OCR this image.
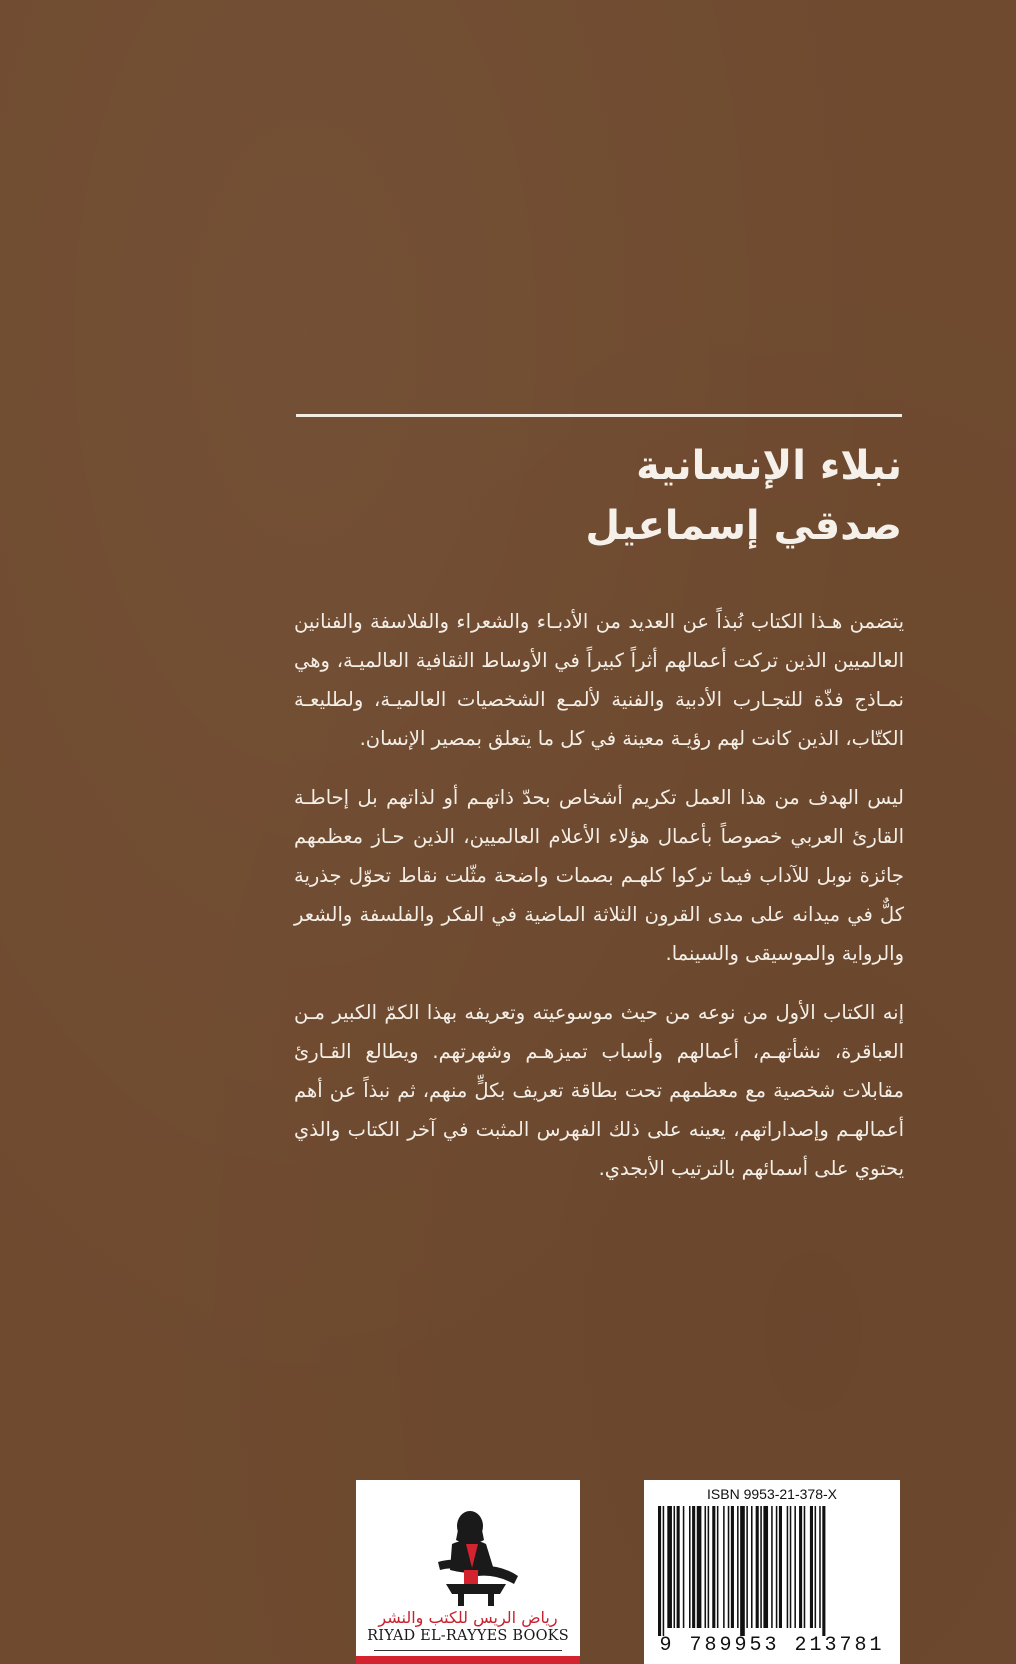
نبلاء الإنسانية
صدقي إسماعيل

يتضمن هـذا الكتاب نُبذاً عن العديد من الأدبـاء والشعراء والفلاسفة والفنانين العالميين الذين تركت أعمالهم أثراً كبيراً في الأوساط الثقافية العالميـة، وهي نمـاذج فذّة للتجـارب الأدبية والفنية لألمـع الشخصيات العالميـة، ولطليعـة الكتّاب، الذين كانت لهم رؤيـة معينة في كل ما يتعلق بمصير الإنسان.

ليس الهدف من هذا العمل تكريم أشخاص بحدّ ذاتهـم أو لذاتهم بل إحاطـة القارئ العربي خصوصاً بأعمال هؤلاء الأعلام العالميين، الذين حـاز معظمهم جائزة نوبل للآداب فيما تركوا كلهـم بصمات واضحة مثّلت نقاط تحوّل جذرية كلٌّ في ميدانه على مدى القرون الثلاثة الماضية في الفكر والفلسفة والشعر والرواية والموسيقى والسينما.

إنه الكتاب الأول من نوعه من حيث موسوعيته وتعريفه بهذا الكمّ الكبير مـن العباقرة، نشأتهـم، أعمالهم وأسباب تميزهـم وشهرتهم. ويطالع القـارئ مقابلات شخصية مع معظمهم تحت بطاقة تعريف بكلٍّ منهم، ثم نبذاً عن أهم أعمالهـم وإصداراتهم، يعينه على ذلك الفهرس المثبت في آخر الكتاب والذي يحتوي على أسمائهم بالترتيب الأبجدي.

رياض الريس للكتب والنشر
RIYAD EL-RAYYES BOOKS
ISBN 9953-21-378-X
9 789953 213781
